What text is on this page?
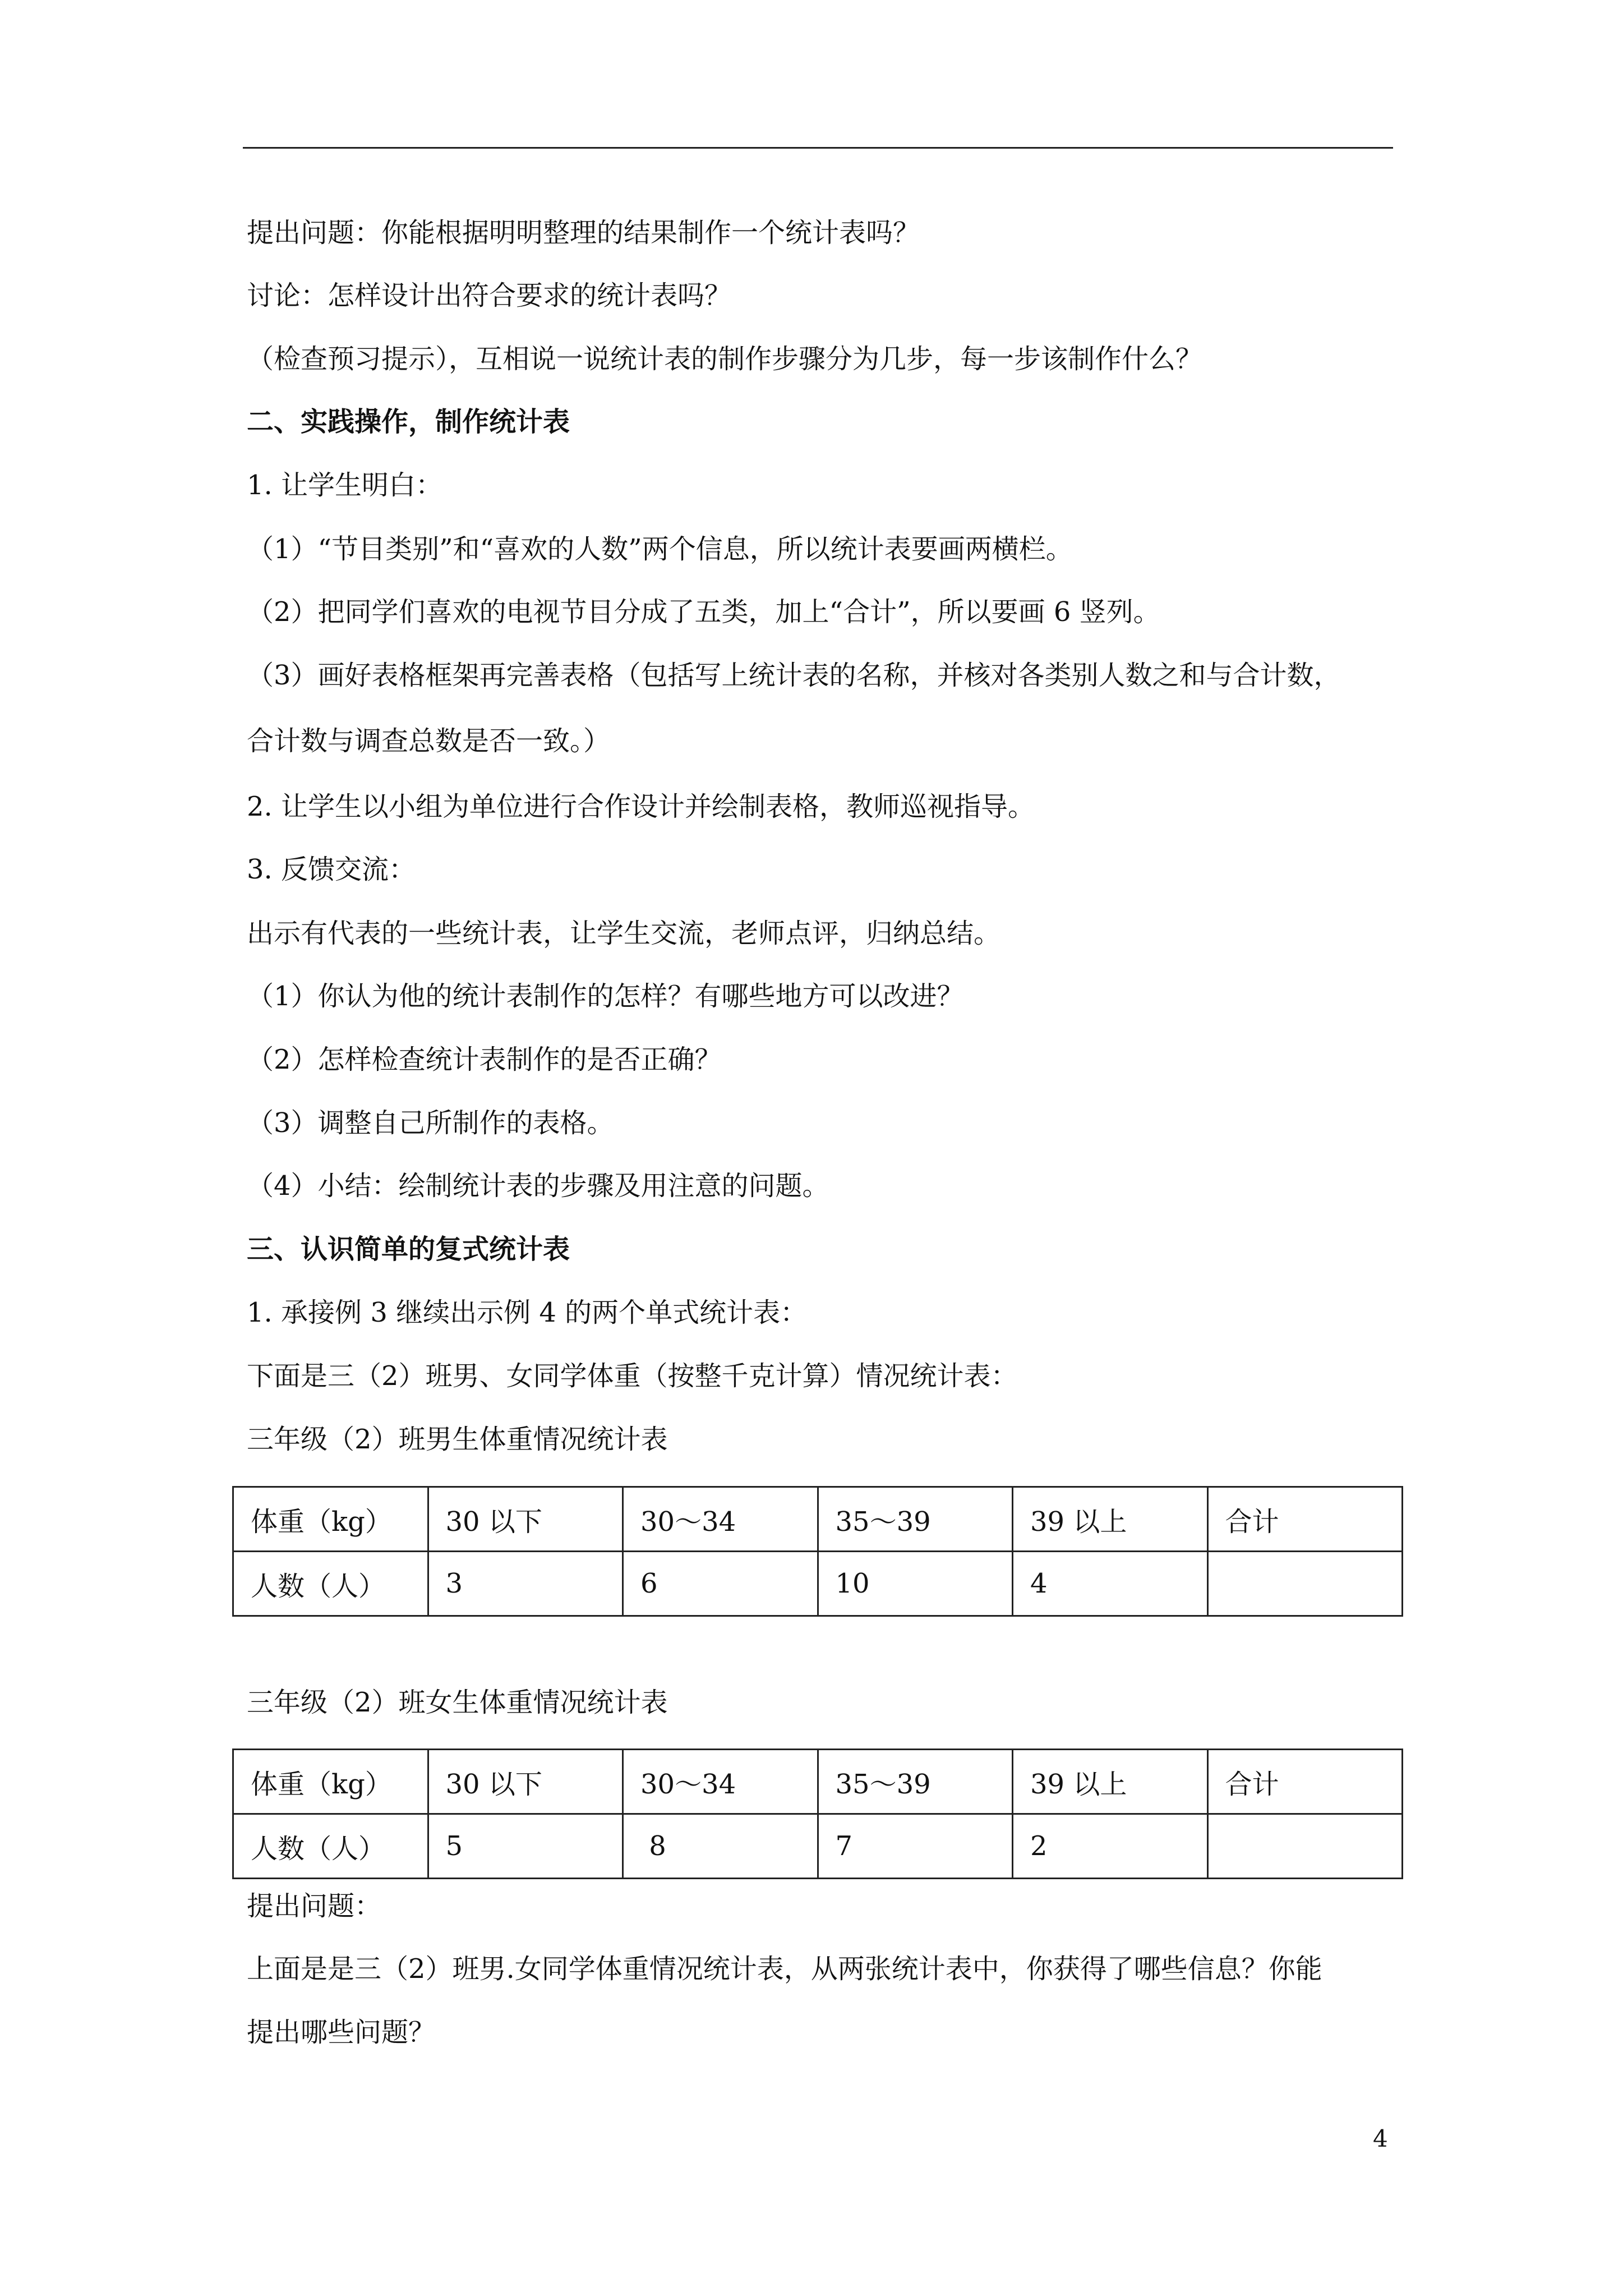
提出问题：你能根据明明整理的结果制作一个统计表吗？
讨论：怎样设计出符合要求的统计表吗？
（检查预习提示），互相说一说统计表的制作步骤分为几步，每一步该制作什么？
二、实践操作，制作统计表
1. 让学生明白：
（1）“节目类别”和“喜欢的人数”两个信息，所以统计表要画两横栏。
（2）把同学们喜欢的电视节目分成了五类，加上“合计”，所以要画 6 竖列。
（3）画好表格框架再完善表格（包括写上统计表的名称，并核对各类别人数之和与合计数，
合计数与调查总数是否一致。）
2. 让学生以小组为单位进行合作设计并绘制表格，教师巡视指导。
3. 反馈交流：
出示有代表的一些统计表，让学生交流，老师点评，归纳总结。
（1）你认为他的统计表制作的怎样？有哪些地方可以改进？
（2）怎样检查统计表制作的是否正确？
（3）调整自己所制作的表格。
（4）小结：绘制统计表的步骤及用注意的问题。
三、认识简单的复式统计表
1. 承接例 3 继续出示例 4 的两个单式统计表：
下面是三（2）班男、女同学体重（按整千克计算）情况统计表：
三年级（2）班男生体重情况统计表
体重（kg）	30 以下	30～34	35～39	39 以上	合计
人数（人）	3	6	10	4	
三年级（2）班女生体重情况统计表
体重（kg）	30 以下	30～34	35～39	39 以上	合计
人数（人）	5	8	7	2	
提出问题：
上面是是三（2）班男.女同学体重情况统计表，从两张统计表中，你获得了哪些信息？你能
提出哪些问题？
4
